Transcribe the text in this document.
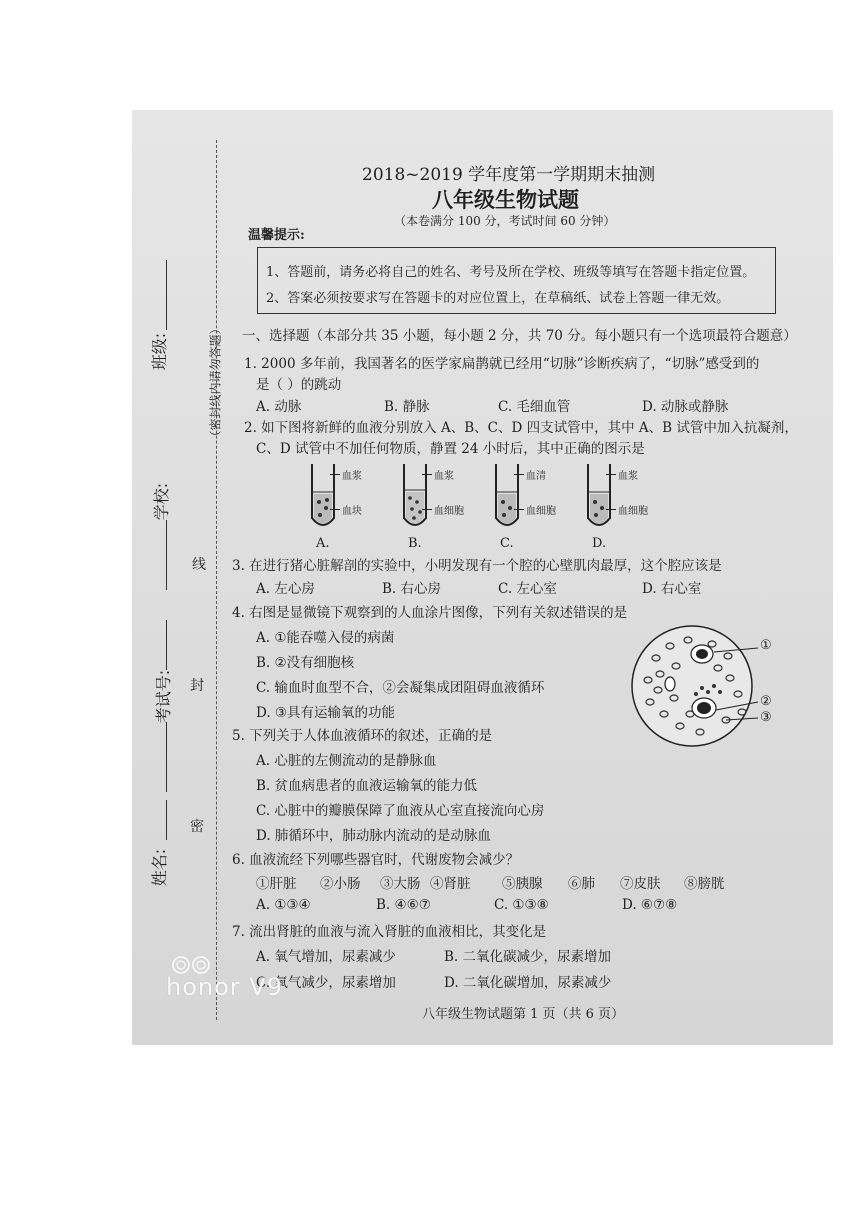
（密封线内请勿答题）
线
封
密
班级:
学校:
考试号:
姓名:
2018~2019 学年度第一学期期末抽测
八年级生物试题
（本卷满分 100 分，考试时间 60 分钟）
温馨提示:
1、答题前，请务必将自己的姓名、考号及所在学校、班级等填写在答题卡指定位置。
2、答案必须按要求写在答题卡的对应位置上，在草稿纸、试卷上答题一律无效。
一、选择题（本部分共 35 小题，每小题 2 分，共 70 分。每小题只有一个选项最符合题意）
1. 2000 多年前，我国著名的医学家扁鹊就已经用“切脉”诊断疾病了，“切脉”感受到的
是（ ）的跳动
A. 动脉	B. 静脉	C. 毛细血管	D. 动脉或静脉
2. 如下图将新鲜的血液分别放入 A、B、C、D 四支试管中，其中 A、B 试管中加入抗凝剂，
C、D 试管中不加任何物质，静置 24 小时后，其中正确的图示是
血浆
血块
A.
血浆
血细胞
B.
血清
血细胞
C.
血浆
血细胞
D.
3. 在进行猪心脏解剖的实验中，小明发现有一个腔的心壁肌肉最厚，这个腔应该是
A. 左心房	B. 右心房	C. 左心室	D. 右心室
4. 右图是显微镜下观察到的人血涂片图像，下列有关叙述错误的是
A. ①能吞噬入侵的病菌
B. ②没有细胞核
C. 输血时血型不合，②会凝集成团阻碍血液循环
D. ③具有运输氧的功能
①
②
③
5. 下列关于人体血液循环的叙述，正确的是
A. 心脏的左侧流动的是静脉血
B. 贫血病患者的血液运输氧的能力低
C. 心脏中的瓣膜保障了血液从心室直接流向心房
D. 肺循环中，肺动脉内流动的是动脉血
6. 血液流经下列哪些器官时，代谢废物会减少？
①肝脏 ②小肠 ③大肠 ④肾脏 ⑤胰腺 ⑥肺 ⑦皮肤 ⑧膀胱
A. ①③④	B. ④⑥⑦	C. ①③⑧	D. ⑥⑦⑧
7. 流出肾脏的血液与流入肾脏的血液相比，其变化是
A. 氧气增加，尿素减少	B. 二氧化碳减少，尿素增加
C. 氧气减少，尿素增加	D. 二氧化碳增加，尿素减少
八年级生物试题第 1 页（共 6 页）
honor V9
